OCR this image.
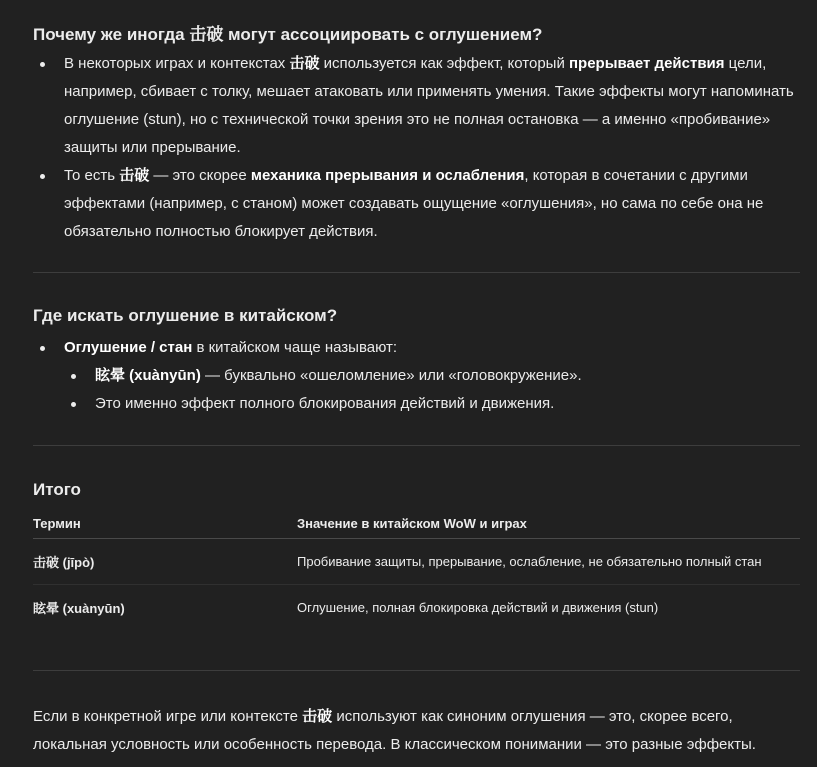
Почему же иногда 击破 могут ассоциировать с оглушением?
В некоторых играх и контекстах 击破 используется как эффект, который прерывает действия цели, например, сбивает с толку, мешает атаковать или применять умения. Такие эффекты могут напоминать оглушение (stun), но с технической точки зрения это не полная остановка — а именно «пробивание» защиты или прерывание.
То есть 击破 — это скорее механика прерывания и ослабления, которая в сочетании с другими эффектами (например, с станом) может создавать ощущение «оглушения», но сама по себе она не обязательно полностью блокирует действия.
Где искать оглушение в китайском?
Оглушение / стан в китайском чаще называют:
眩晕 (xuànyūn) — буквально «ошеломление» или «головокружение».
Это именно эффект полного блокирования действий и движения.
Итого
Термин	Значение в китайском WoW и играх
击破 (jīpò)	Пробивание защиты, прерывание, ослабление, не обязательно полный стан
眩晕 (xuànyūn)	Оглушение, полная блокировка действий и движения (stun)

Если в конкретной игре или контексте 击破 используют как синоним оглушения — это, скорее всего, локальная условность или особенность перевода. В классическом понимании — это разные эффекты.
